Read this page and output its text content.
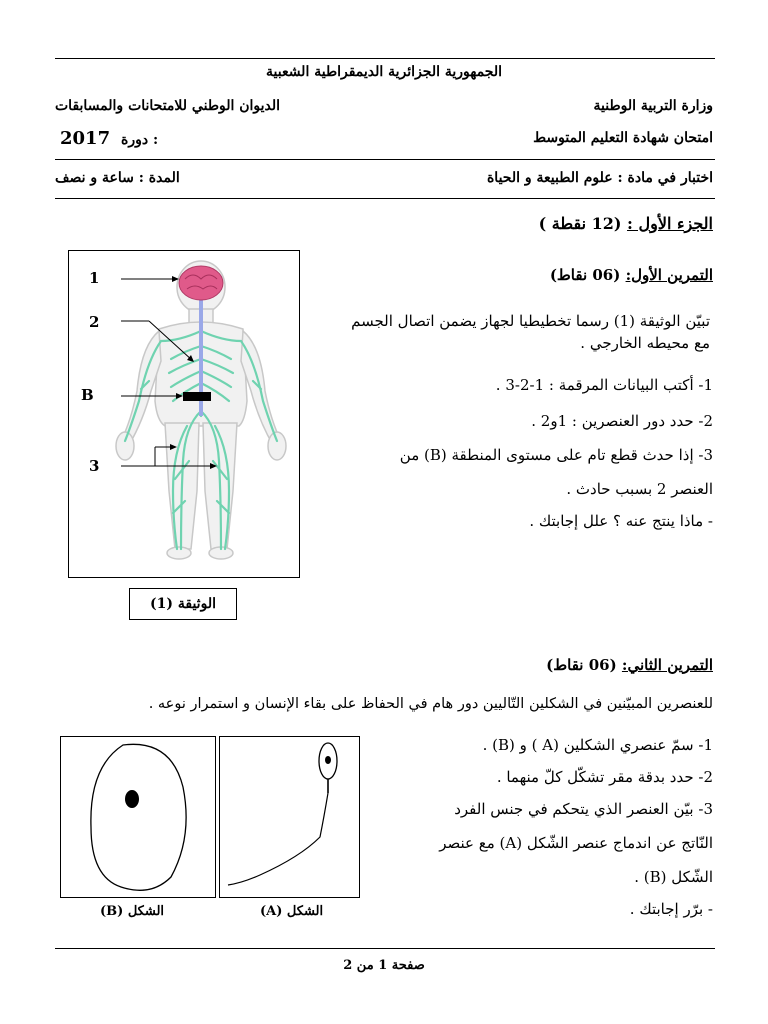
الجمهورية الجزائرية الديمقراطية الشعبية
وزارة التربية الوطنية
الديوان الوطني للامتحانات والمسابقات
امتحان شهادة التعليم المتوسط
2017 دورة :
اختبار في مادة : علوم الطبيعة و الحياة
المدة : ساعة و نصف
الجزء الأول : (12 نقطة )
التمرين الأول: (06 نقاط)
تبيّن الوثيقة (1) رسما تخطيطيا لجهاز يضمن اتصال الجسم
مع محيطه الخارجي .
1- أكتب البيانات المرقمة : 1-2-3 .
2- حدد دور العنصرين : 1و2 .
3- إذا حدث قطع تام على مستوى المنطقة (B) من
العنصر 2 بسبب حادث .
- ماذا ينتج عنه ؟ علل إجابتك .
1
2
B
3
الوثيقة (1)
التمرين الثاني: (06 نقاط)
للعنصرين المبيّنين في الشكلين التّاليين دور هام في الحفاظ على بقاء الإنسان و استمرار نوعه .
1- سمّ عنصري الشكلين (A ) و (B) .
2- حدد بدقة مقر تشكّل كلّ منهما .
3- بيّن العنصر الذي يتحكم في جنس الفرد
النّاتج عن اندماج عنصر الشّكل (A) مع عنصر
الشّكل (B) .
- برّر إجابتك .
الشكل (B)	الشكل (A)
صفحة 1 من 2
